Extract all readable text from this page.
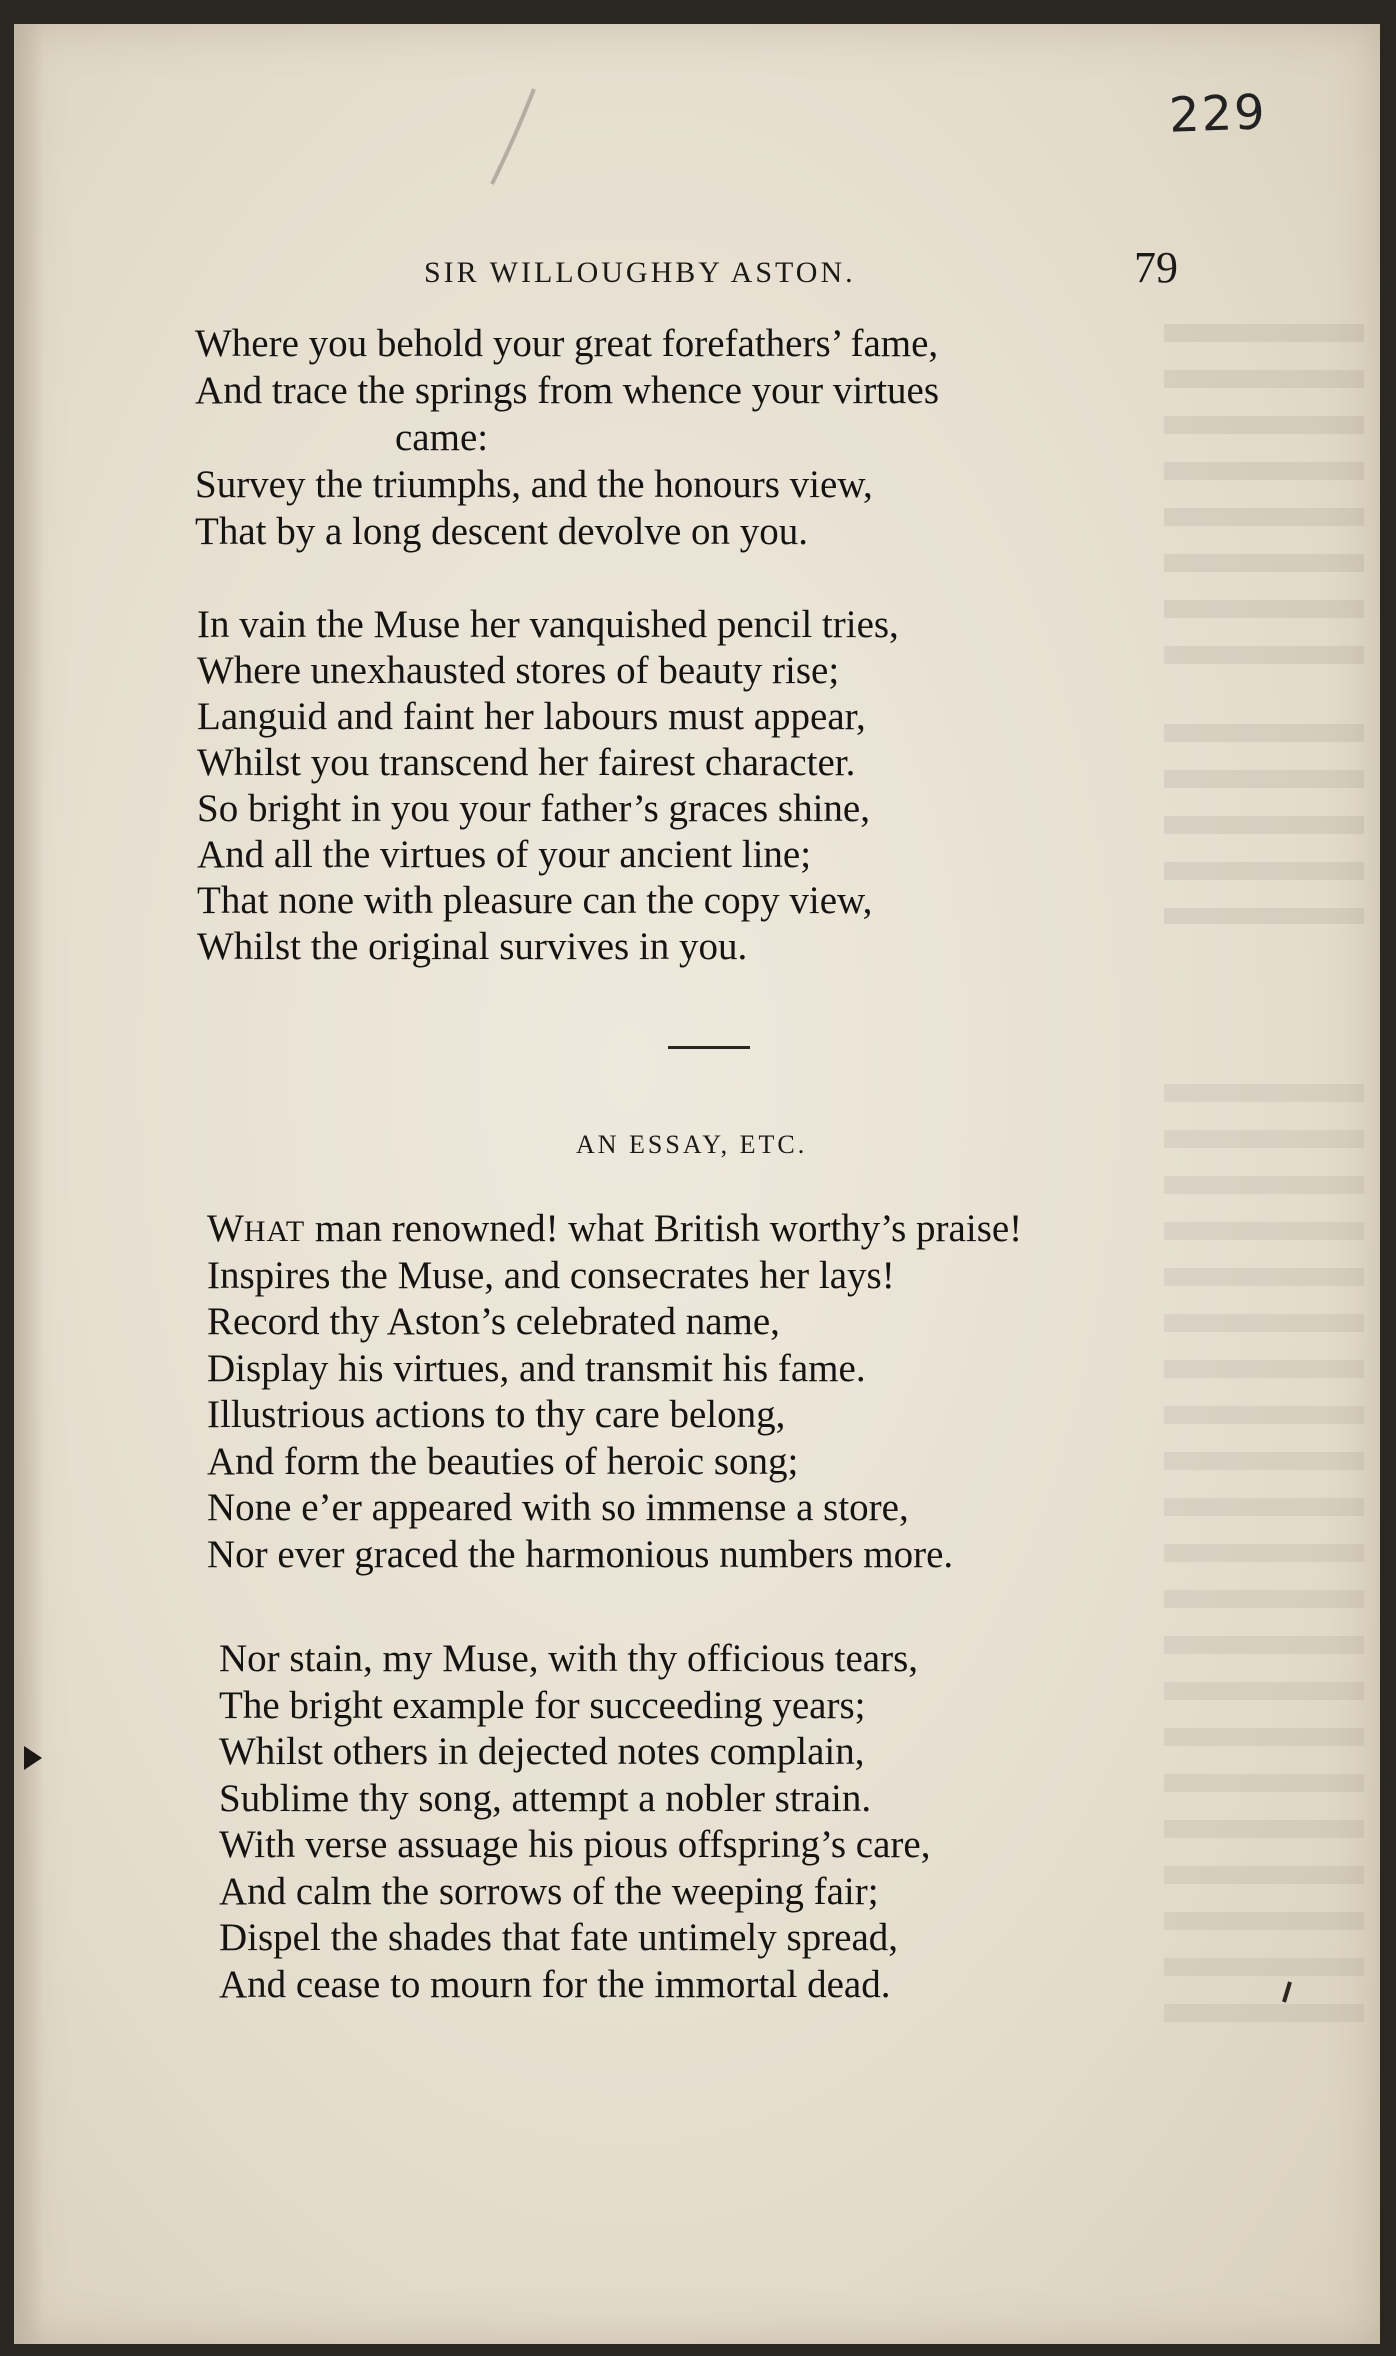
229
SIR WILLOUGHBY ASTON.	79

Where you behold your great forefathers’ fame,
And trace the springs from whence your virtues
came:
Survey the triumphs, and the honours view,
That by a long descent devolve on you.

In vain the Muse her vanquished pencil tries,
Where unexhausted stores of beauty rise;
Languid and faint her labours must appear,
Whilst you transcend her fairest character.
So bright in you your father’s graces shine,
And all the virtues of your ancient line;
That none with pleasure can the copy view,
Whilst the original survives in you.

AN ESSAY, ETC.

WHAT man renowned! what British worthy’s praise!
Inspires the Muse, and consecrates her lays!
Record thy Aston’s celebrated name,
Display his virtues, and transmit his fame.
Illustrious actions to thy care belong,
And form the beauties of heroic song;
None e’er appeared with so immense a store,
Nor ever graced the harmonious numbers more.

Nor stain, my Muse, with thy officious tears,
The bright example for succeeding years;
Whilst others in dejected notes complain,
Sublime thy song, attempt a nobler strain.
With verse assuage his pious offspring’s care,
And calm the sorrows of the weeping fair;
Dispel the shades that fate untimely spread,
And cease to mourn for the immortal dead.
